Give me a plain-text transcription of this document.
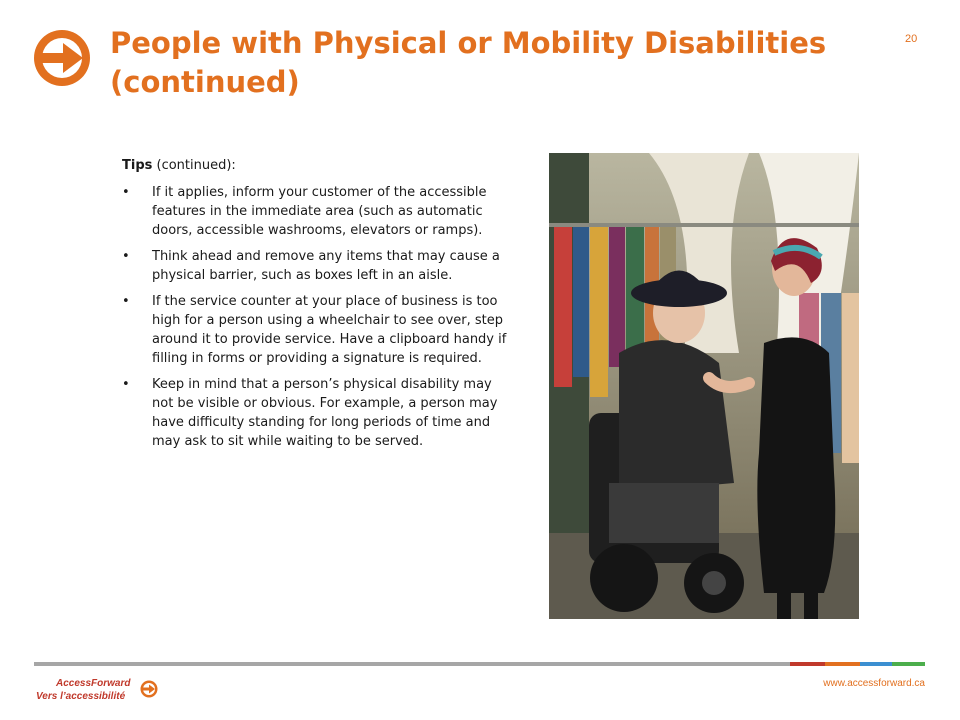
People with Physical or Mobility Disabilities
(continued)
20

Tips (continued):

• If it applies, inform your customer of the accessible features in the immediate area (such as automatic doors, accessible washrooms, elevators or ramps).
• Think ahead and remove any items that may cause a physical barrier, such as boxes left in an aisle.
• If the service counter at your place of business is too high for a person using a wheelchair to see over, step around it to provide service. Have a clipboard handy if filling in forms or providing a signature is required.
• Keep in mind that a person’s physical disability may not be visible or obvious. For example, a person may have difficulty standing for long periods of time and may ask to sit while waiting to be served.
AccessForward
Vers l’accessibilité
www.accessforward.ca
